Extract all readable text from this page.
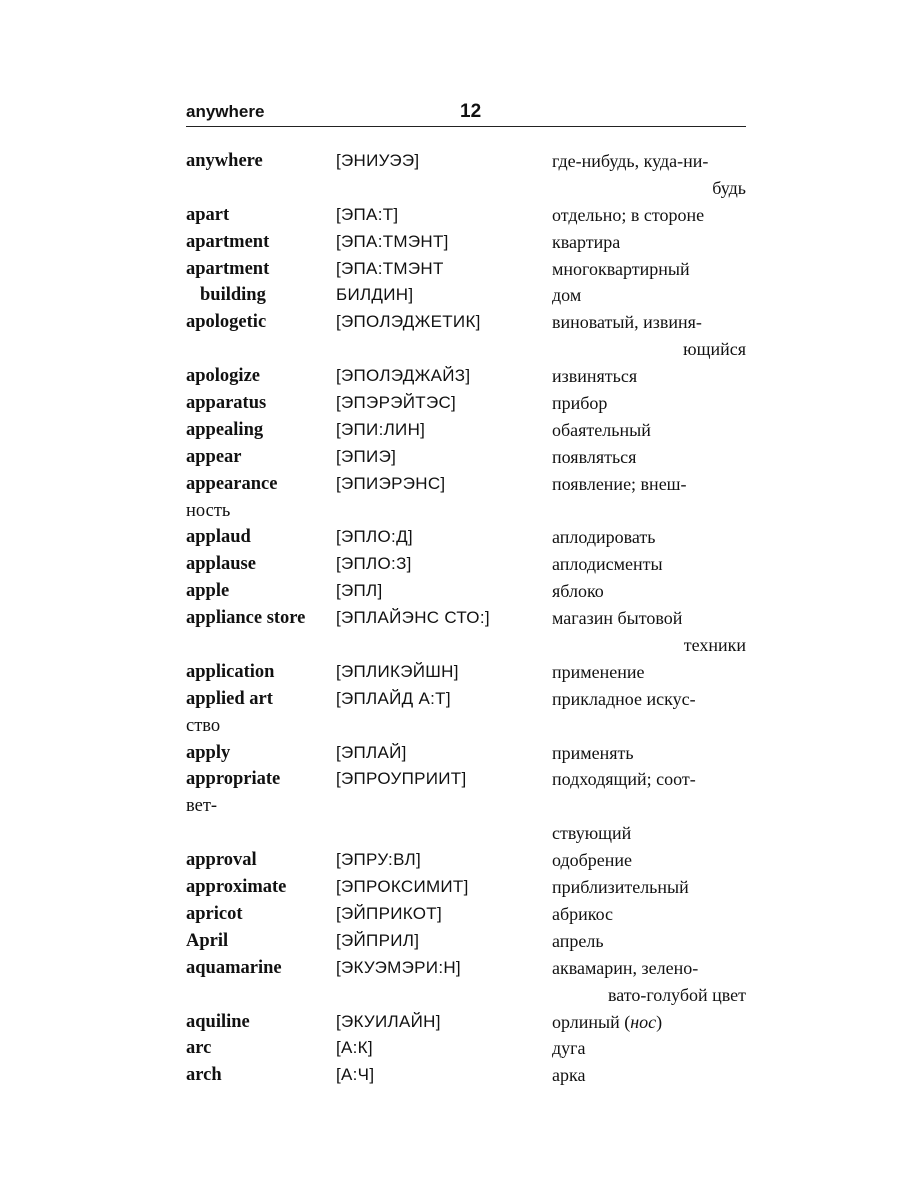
anywhere	12
anywhere	[ЭНИУЭЭ]	где-нибудь, куда-ни-
будь
apart	[ЭПА:Т]	отдельно; в стороне
apartment	[ЭПА:ТМЭНТ]	квартира
apartment	[ЭПА:ТМЭНТ	многоквартирный
building	БИЛДИН]	дом
apologetic	[ЭПОЛЭДЖЕТИК]	виноватый, извиня-
ющийся
apologize	[ЭПОЛЭДЖАЙЗ]	извиняться
apparatus	[ЭПЭРЭЙТЭС]	прибор
appealing	[ЭПИ:ЛИН]	обаятельный
appear	[ЭПИЭ]	появляться
appearance	[ЭПИЭРЭНС]	появление; внеш-
ность
applaud	[ЭПЛО:Д]	аплодировать
applause	[ЭПЛО:З]	аплодисменты
apple	[ЭПЛ]	яблоко
appliance store [ЭПЛАЙЭНС СТО:]	магазин бытовой
техники
application	[ЭПЛИКЭЙШН]	применение
applied art	[ЭПЛАЙД А:Т]	прикладное искус-
ство
apply	[ЭПЛАЙ]	применять
appropriate	[ЭПРОУПРИИТ]	подходящий; соот-
вет-
ствующий
approval	[ЭПРУ:ВЛ]	одобрение
approximate	[ЭПРОКСИМИТ]	приблизительный
apricot	[ЭЙПРИКОТ]	абрикос
April	[ЭЙПРИЛ]	апрель
aquamarine	[ЭКУЭМЭРИ:Н]	аквамарин, зелено-
вато-голубой цвет
aquiline	[ЭКУИЛАЙН]	орлиный (нос)
arc	[А:К]	дуга
arch	[А:Ч]	арка
